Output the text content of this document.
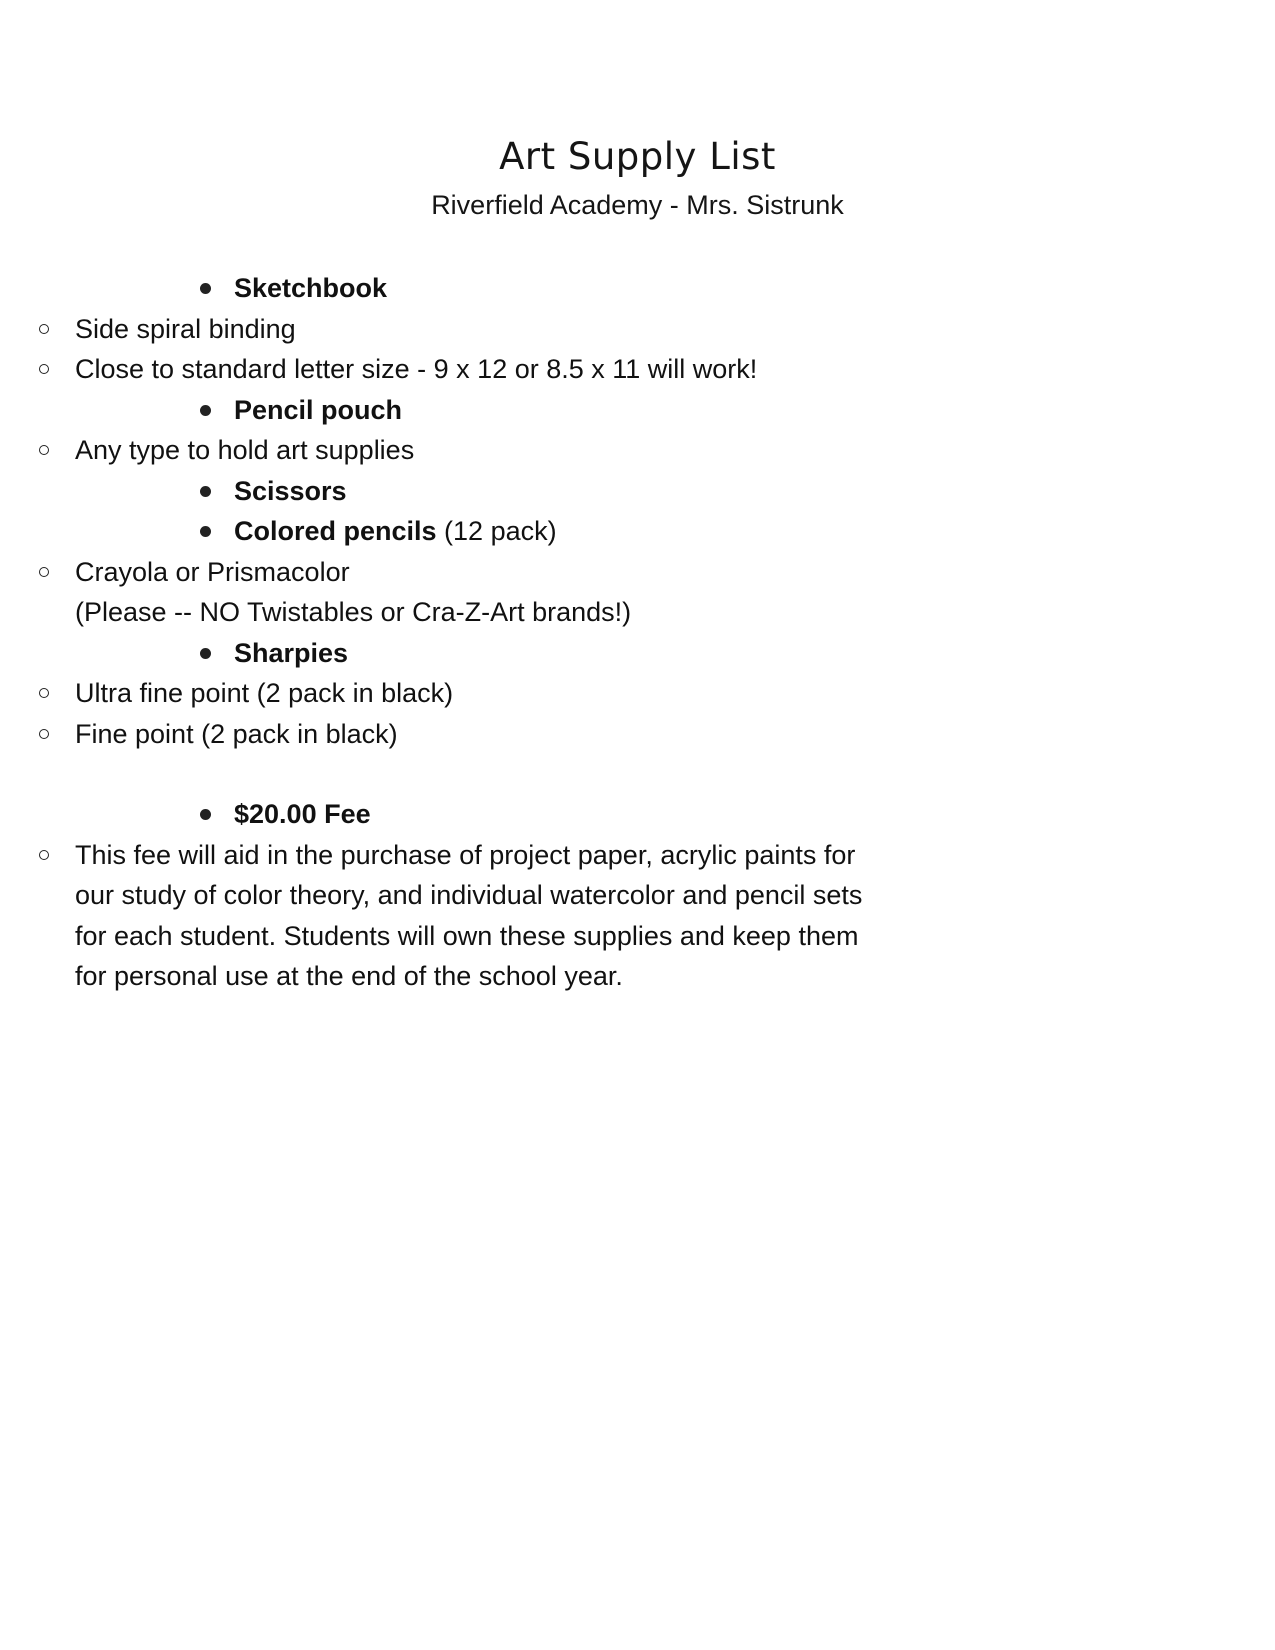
Art Supply List
Riverfield Academy - Mrs. Sistrunk
Sketchbook
Side spiral binding
Close to standard letter size - 9 x 12 or 8.5 x 11 will work!
Pencil pouch
Any type to hold art supplies
Scissors
Colored pencils (12 pack)
Crayola or Prismacolor
(Please -- NO Twistables or Cra-Z-Art brands!)
Sharpies
Ultra fine point (2 pack in black)
Fine point (2 pack in black)
$20.00 Fee
This fee will aid in the purchase of project paper, acrylic paints for our study of color theory, and individual watercolor and pencil sets for each student. Students will own these supplies and keep them for personal use at the end of the school year.
